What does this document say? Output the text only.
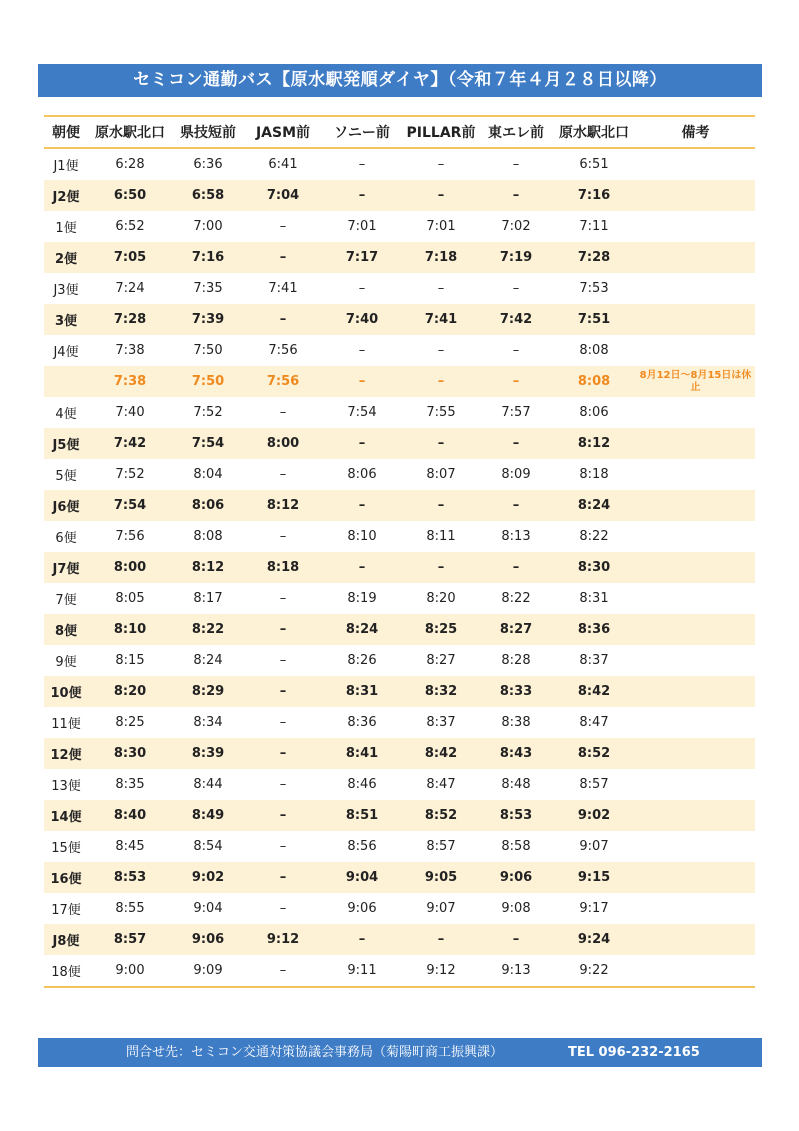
セミコン通勤バス【原水駅発順ダイヤ】（令和７年４月２８日以降）
朝便	原水駅北口	県技短前	JASM前	ソニー前	PILLAR前	東エレ前	原水駅北口	備考
J1便	6:28	6:36	6:41	–	–	–	6:51	
J2便	6:50	6:58	7:04	–	–	–	7:16	
1便	6:52	7:00	–	7:01	7:01	7:02	7:11	
2便	7:05	7:16	–	7:17	7:18	7:19	7:28	
J3便	7:24	7:35	7:41	–	–	–	7:53	
3便	7:28	7:39	–	7:40	7:41	7:42	7:51	
J4便	7:38	7:50	7:56	–	–	–	8:08	
	7:38	7:50	7:56	–	–	–	8:08	8月12日～8月15日は休止
4便	7:40	7:52	–	7:54	7:55	7:57	8:06	
J5便	7:42	7:54	8:00	–	–	–	8:12	
5便	7:52	8:04	–	8:06	8:07	8:09	8:18	
J6便	7:54	8:06	8:12	–	–	–	8:24	
6便	7:56	8:08	–	8:10	8:11	8:13	8:22	
J7便	8:00	8:12	8:18	–	–	–	8:30	
7便	8:05	8:17	–	8:19	8:20	8:22	8:31	
8便	8:10	8:22	–	8:24	8:25	8:27	8:36	
9便	8:15	8:24	–	8:26	8:27	8:28	8:37	
10便	8:20	8:29	–	8:31	8:32	8:33	8:42	
11便	8:25	8:34	–	8:36	8:37	8:38	8:47	
12便	8:30	8:39	–	8:41	8:42	8:43	8:52	
13便	8:35	8:44	–	8:46	8:47	8:48	8:57	
14便	8:40	8:49	–	8:51	8:52	8:53	9:02	
15便	8:45	8:54	–	8:56	8:57	8:58	9:07	
16便	8:53	9:02	–	9:04	9:05	9:06	9:15	
17便	8:55	9:04	–	9:06	9:07	9:08	9:17	
J8便	8:57	9:06	9:12	–	–	–	9:24	
18便	9:00	9:09	–	9:11	9:12	9:13	9:22	
問合せ先：セミコン交通対策協議会事務局（菊陽町商工振興課）	TEL 096-232-2165
